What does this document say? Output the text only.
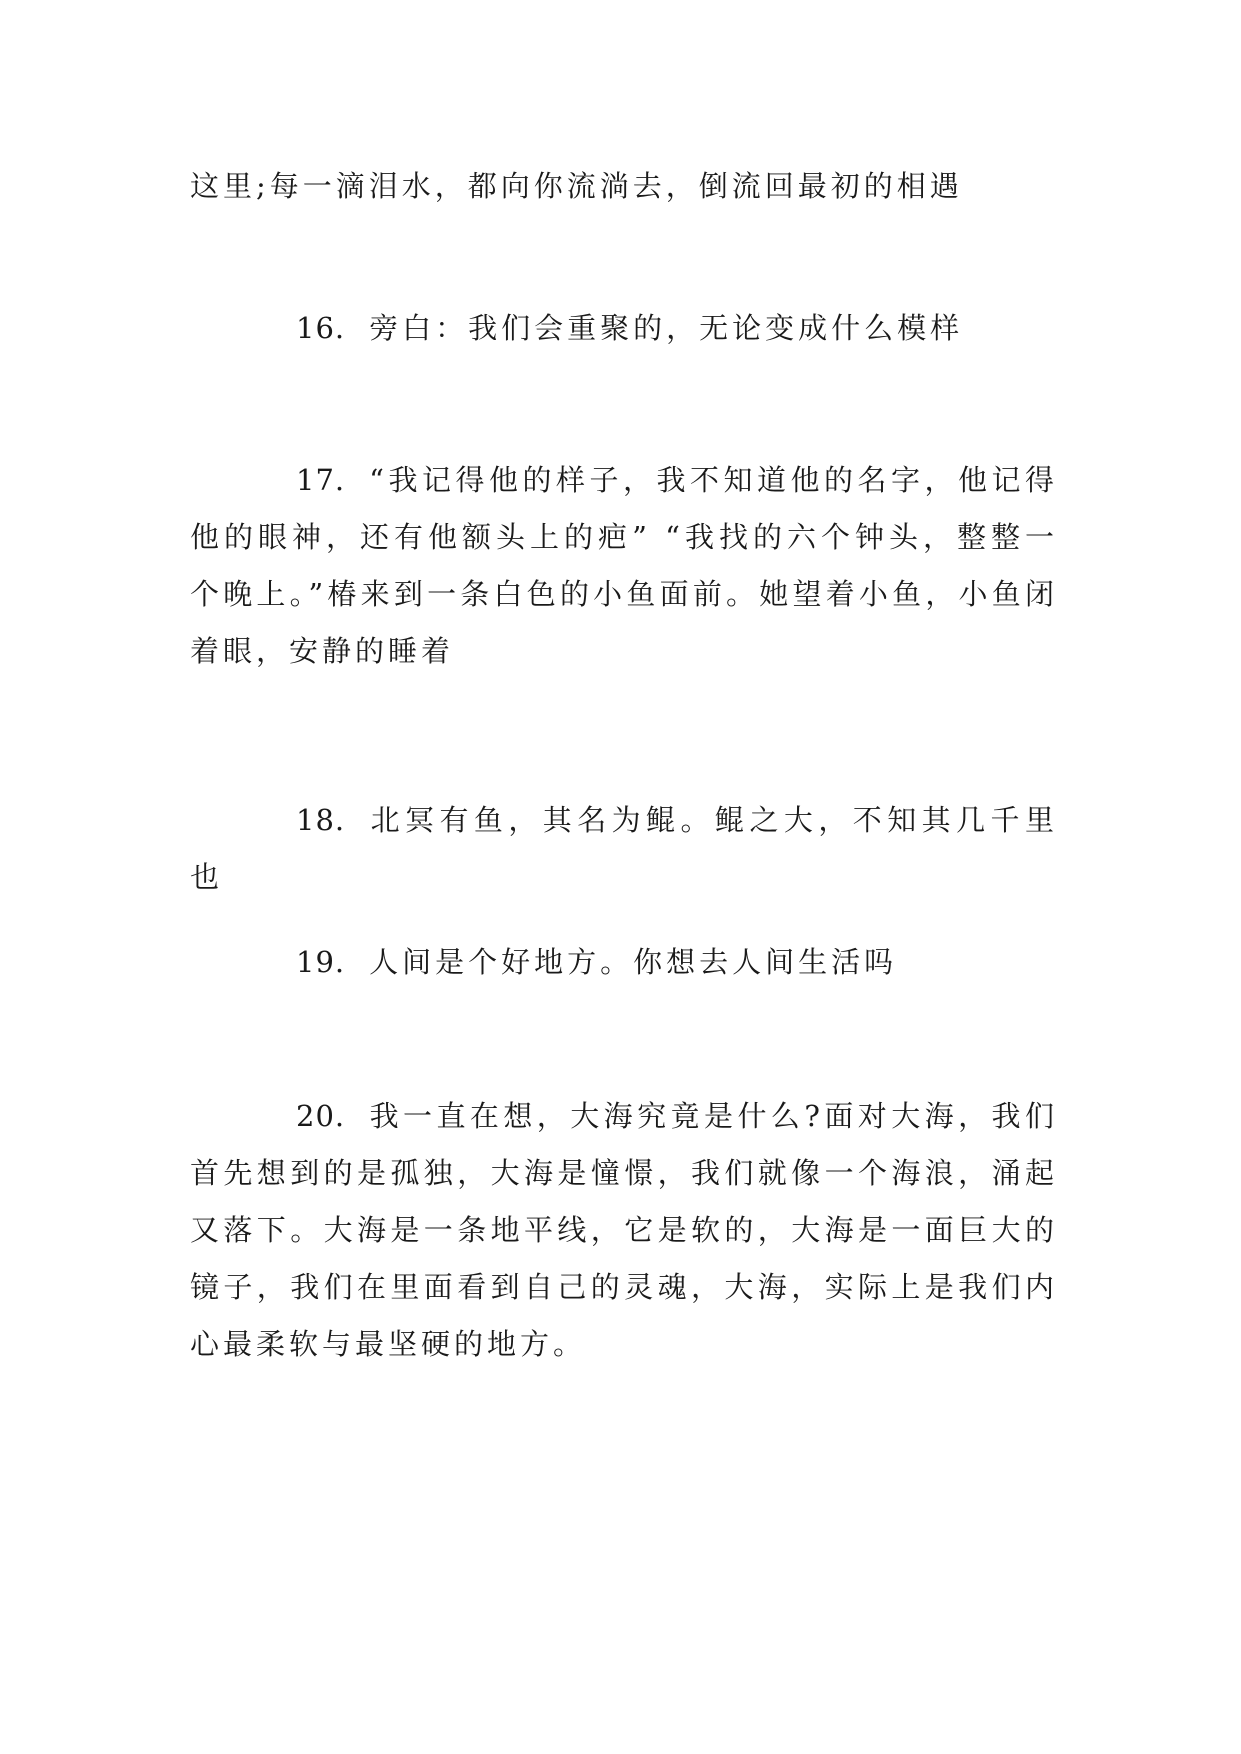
这里;每一滴泪水，都向你流淌去，倒流回最初的相遇

16. 旁白：我们会重聚的，无论变成什么模样

17. “我记得他的样子，我不知道他的名字，他记得他的眼神，还有他额头上的疤” “我找的六个钟头，整整一个晚上。”椿来到一条白色的小鱼面前。她望着小鱼，小鱼闭着眼，安静的睡着

18. 北冥有鱼，其名为鲲。鲲之大，不知其几千里也

19. 人间是个好地方。你想去人间生活吗

20. 我一直在想，大海究竟是什么?面对大海，我们首先想到的是孤独，大海是憧憬，我们就像一个海浪，涌起又落下。大海是一条地平线，它是软的，大海是一面巨大的镜子，我们在里面看到自己的灵魂，大海，实际上是我们内心最柔软与最坚硬的地方。
